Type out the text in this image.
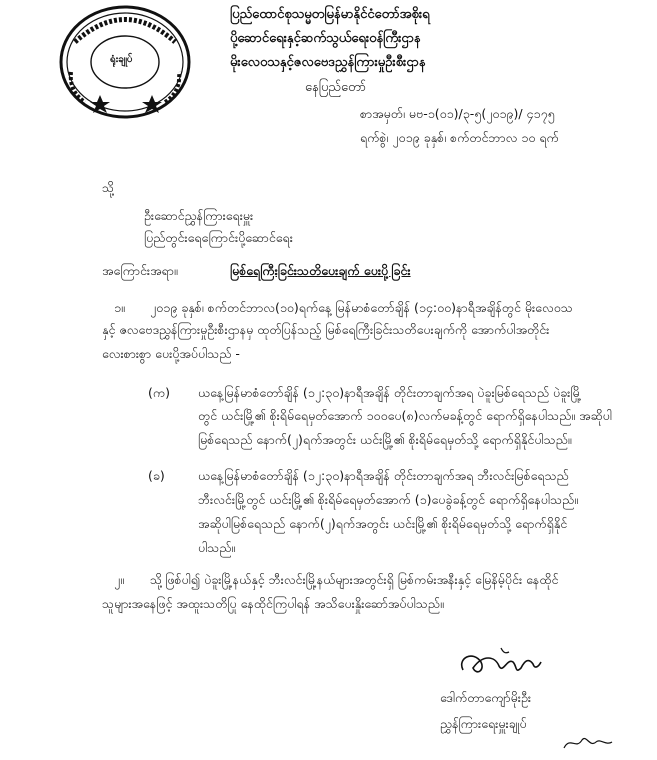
ရုံးချုပ်
ပြည်ထောင်စုသမ္မတမြန်မာနိုင်ငံတော်အစိုးရ
ပို့ဆောင်ရေးနှင့်ဆက်သွယ်ရေးဝန်ကြီးဌာန
မိုးလေဝသနှင့်ဇလဗေဒညွှန်ကြားမှုဦးစီးဌာန
နေပြည်တော်
စာအမှတ်၊ မဗ-၁(၀၁)/၃-၅(၂၀၁၉)/ ၄၁၇၅
ရက်စွဲ၊ ၂၀၁၉ ခုနှစ်၊ စက်တင်ဘာလ ၁၀ ရက်
သို့
ဦးဆောင်ညွှန်ကြားရေးမှူး
ပြည်တွင်းရေကြောင်းပို့ဆောင်ရေး
အကြောင်းအရာ။	မြစ်ရေကြီးခြင်းသတိပေးချက် ပေးပို့ခြင်း
၁။ ၂၀၁၉ ခုနှစ်၊ စက်တင်ဘာလ(၁၀)ရက်နေ့ မြန်မာစံတော်ချိန် (၁၄:၀၀)နာရီအချိန်တွင် မိုးလေဝသ
နှင့် ဇလဗေဒညွှန်ကြားမှုဦးစီးဌာနမှ ထုတ်ပြန်သည့် မြစ်ရေကြီးခြင်းသတိပေးချက်ကို အောက်ပါအတိုင်း
လေးစားစွာ ပေးပို့အပ်ပါသည် -
(က) ယနေ့မြန်မာစံတော်ချိန် (၁၂:၃၀)နာရီအချိန် တိုင်းတာချက်အရ ပဲခူးမြစ်ရေသည် ပဲခူးမြို့
တွင် ယင်းမြို့၏ စိုးရိမ်ရေမှတ်အောက် ၁၀၀ပေ(၈)လက်မခန့်တွင် ရောက်ရှိနေပါသည်။ အဆိုပါ
မြစ်ရေသည် နောက်(၂)ရက်အတွင်း ယင်းမြို့၏ စိုးရိမ်ရေမှတ်သို့ ရောက်ရှိနိုင်ပါသည်။
(ခ)	ယနေ့မြန်မာစံတော်ချိန် (၁၂:၃၀)နာရီအချိန် တိုင်းတာချက်အရ ဘီးလင်းမြစ်ရေသည်
ဘီးလင်းမြို့တွင် ယင်းမြို့၏ စိုးရိမ်ရေမှတ်အောက် (၁)ပေခွဲခန့်တွင် ရောက်ရှိနေပါသည်။
အဆိုပါမြစ်ရေသည် နောက်(၂)ရက်အတွင်း ယင်းမြို့၏ စိုးရိမ်ရေမှတ်သို့ ရောက်ရှိနိုင်
ပါသည်။
၂။ သို့ဖြစ်ပါ၍ ပဲခူးမြို့နယ်နှင့် ဘီးလင်းမြို့နယ်များအတွင်းရှိ မြစ်ကမ်းအနီးနှင့် မြေနိမ့်ပိုင်း နေထိုင်
သူများအနေဖြင့် အထူးသတိပြု နေထိုင်ကြပါရန် အသိပေးနှိုးဆော်အပ်ပါသည်။
ဒေါက်တာကျော်မိုးဦး
ညွှန်ကြားရေးမှူးချုပ်
